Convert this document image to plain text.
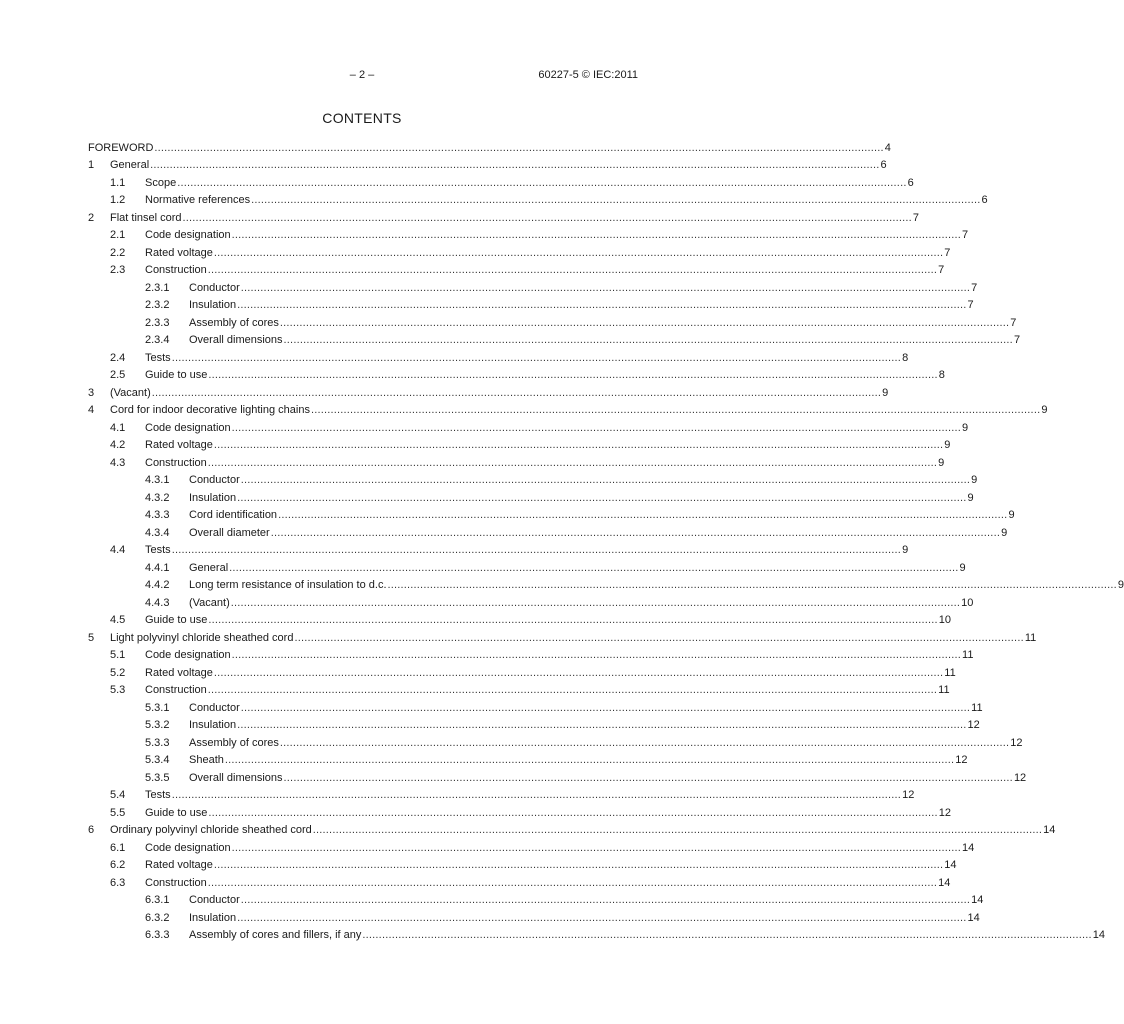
– 2 –	60227-5 © IEC:2011
CONTENTS
FOREWORD .....	4
1 General .....	6
1.1 Scope .....	6
1.2 Normative references .....	6
2 Flat tinsel cord .....	7
2.1 Code designation .....	7
2.2 Rated voltage .....	7
2.3 Construction .....	7
2.3.1 Conductor .....	7
2.3.2 Insulation .....	7
2.3.3 Assembly of cores .....	7
2.3.4 Overall dimensions .....	7
2.4 Tests .....	8
2.5 Guide to use .....	8
3 (Vacant) .....	9
4 Cord for indoor decorative lighting chains .....	9
4.1 Code designation .....	9
4.2 Rated voltage .....	9
4.3 Construction .....	9
4.3.1 Conductor .....	9
4.3.2 Insulation .....	9
4.3.3 Cord identification .....	9
4.3.4 Overall diameter .....	9
4.4 Tests .....	9
4.4.1 General .....	9
4.4.2 Long term resistance of insulation to d.c. .....	9
4.4.3 (Vacant) .....	10
4.5 Guide to use .....	10
5 Light polyvinyl chloride sheathed cord .....	11
5.1 Code designation .....	11
5.2 Rated voltage .....	11
5.3 Construction .....	11
5.3.1 Conductor .....	11
5.3.2 Insulation .....	12
5.3.3 Assembly of cores .....	12
5.3.4 Sheath .....	12
5.3.5 Overall dimensions .....	12
5.4 Tests .....	12
5.5 Guide to use .....	12
6 Ordinary polyvinyl chloride sheathed cord .....	14
6.1 Code designation .....	14
6.2 Rated voltage .....	14
6.3 Construction .....	14
6.3.1 Conductor .....	14
6.3.2 Insulation .....	14
6.3.3 Assembly of cores and fillers, if any .....	14
